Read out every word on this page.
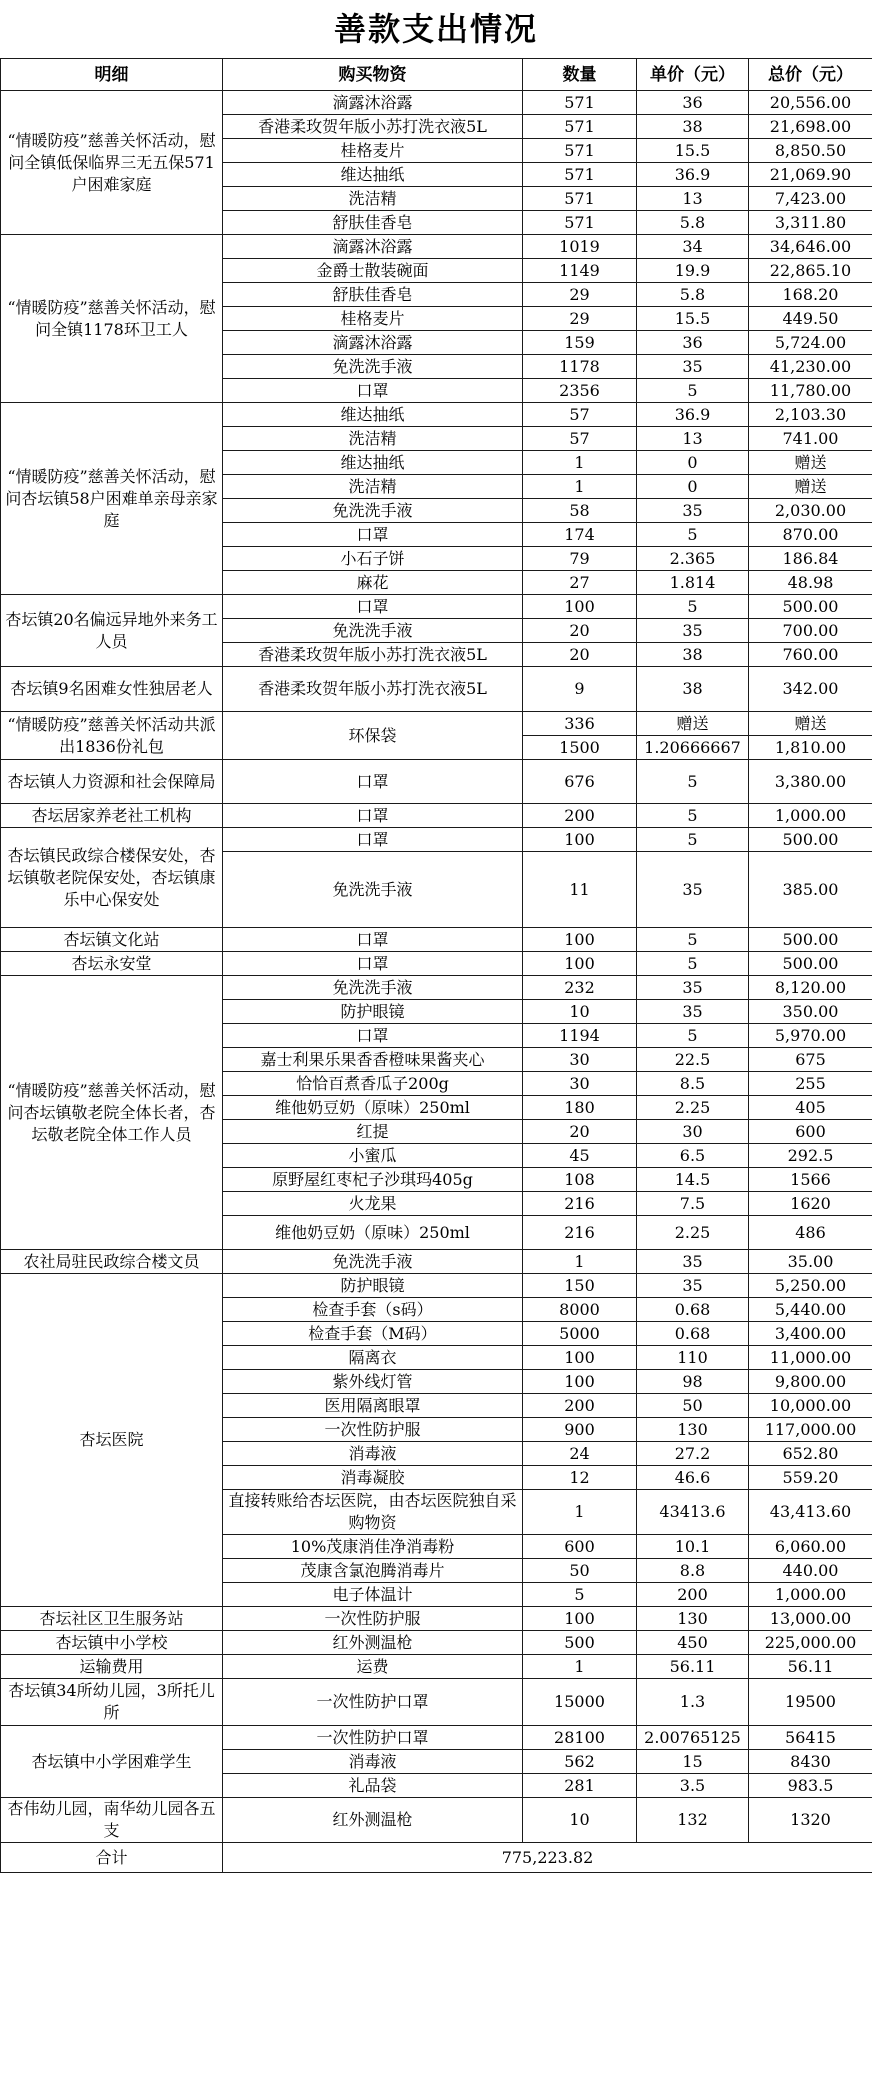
善款支出情况
明细	购买物资	数量	单价（元）	总价（元）
“情暖防疫”慈善关怀活动，慰问全镇低保临界三无五保571户困难家庭	滴露沐浴露	571	36	20,556.00
	香港柔玫贺年版小苏打洗衣液5L	571	38	21,698.00
	桂格麦片	571	15.5	8,850.50
	维达抽纸	571	36.9	21,069.90
	洗洁精	571	13	7,423.00
	舒肤佳香皂	571	5.8	3,311.80
“情暖防疫”慈善关怀活动，慰问全镇1178环卫工人	滴露沐浴露	1019	34	34,646.00
	金爵士散装碗面	1149	19.9	22,865.10
	舒肤佳香皂	29	5.8	168.20
	桂格麦片	29	15.5	449.50
	滴露沐浴露	159	36	5,724.00
	免洗洗手液	1178	35	41,230.00
	口罩	2356	5	11,780.00
“情暖防疫”慈善关怀活动，慰问杏坛镇58户困难单亲母亲家庭	维达抽纸	57	36.9	2,103.30
	洗洁精	57	13	741.00
	维达抽纸	1	0	赠送
	洗洁精	1	0	赠送
	免洗洗手液	58	35	2,030.00
	口罩	174	5	870.00
	小石子饼	79	2.365	186.84
	麻花	27	1.814	48.98
杏坛镇20名偏远异地外来务工人员	口罩	100	5	500.00
	免洗洗手液	20	35	700.00
	香港柔玫贺年版小苏打洗衣液5L	20	38	760.00
杏坛镇9名困难女性独居老人	香港柔玫贺年版小苏打洗衣液5L	9	38	342.00
“情暖防疫”慈善关怀活动共派出1836份礼包	环保袋	336	赠送	赠送
		1500	1.20666667	1,810.00
杏坛镇人力资源和社会保障局	口罩	676	5	3,380.00
杏坛居家养老社工机构	口罩	200	5	1,000.00
杏坛镇民政综合楼保安处，杏坛镇敬老院保安处，杏坛镇康乐中心保安处	口罩	100	5	500.00
	免洗洗手液	11	35	385.00
杏坛镇文化站	口罩	100	5	500.00
杏坛永安堂	口罩	100	5	500.00
“情暖防疫”慈善关怀活动，慰问杏坛镇敬老院全体长者，杏坛敬老院全体工作人员	免洗洗手液	232	35	8,120.00
	防护眼镜	10	35	350.00
	口罩	1194	5	5,970.00
	嘉士利果乐果香香橙味果酱夹心	30	22.5	675
	恰恰百煮香瓜子200g	30	8.5	255
	维他奶豆奶（原味）250ml	180	2.25	405
	红提	20	30	600
	小蜜瓜	45	6.5	292.5
	原野屋红枣杞子沙琪玛405g	108	14.5	1566
	火龙果	216	7.5	1620
	维他奶豆奶（原味）250ml	216	2.25	486
农社局驻民政综合楼文员	免洗洗手液	1	35	35.00
杏坛医院	防护眼镜	150	35	5,250.00
	检查手套（s码）	8000	0.68	5,440.00
	检查手套（M码）	5000	0.68	3,400.00
	隔离衣	100	110	11,000.00
	紫外线灯管	100	98	9,800.00
	医用隔离眼罩	200	50	10,000.00
	一次性防护服	900	130	117,000.00
	消毒液	24	27.2	652.80
	消毒凝胶	12	46.6	559.20
	直接转账给杏坛医院，由杏坛医院独自采购物资	1	43413.6	43,413.60
	10%茂康消佳净消毒粉	600	10.1	6,060.00
	茂康含氯泡腾消毒片	50	8.8	440.00
	电子体温计	5	200	1,000.00
杏坛社区卫生服务站	一次性防护服	100	130	13,000.00
杏坛镇中小学校	红外测温枪	500	450	225,000.00
运输费用	运费	1	56.11	56.11
杏坛镇34所幼儿园，3所托儿所	一次性防护口罩	15000	1.3	19500
杏坛镇中小学困难学生	一次性防护口罩	28100	2.00765125	56415
	消毒液	562	15	8430
	礼品袋	281	3.5	983.5
杏伟幼儿园，南华幼儿园各五支	红外测温枪	10	132	1320
合计	775,223.82			
